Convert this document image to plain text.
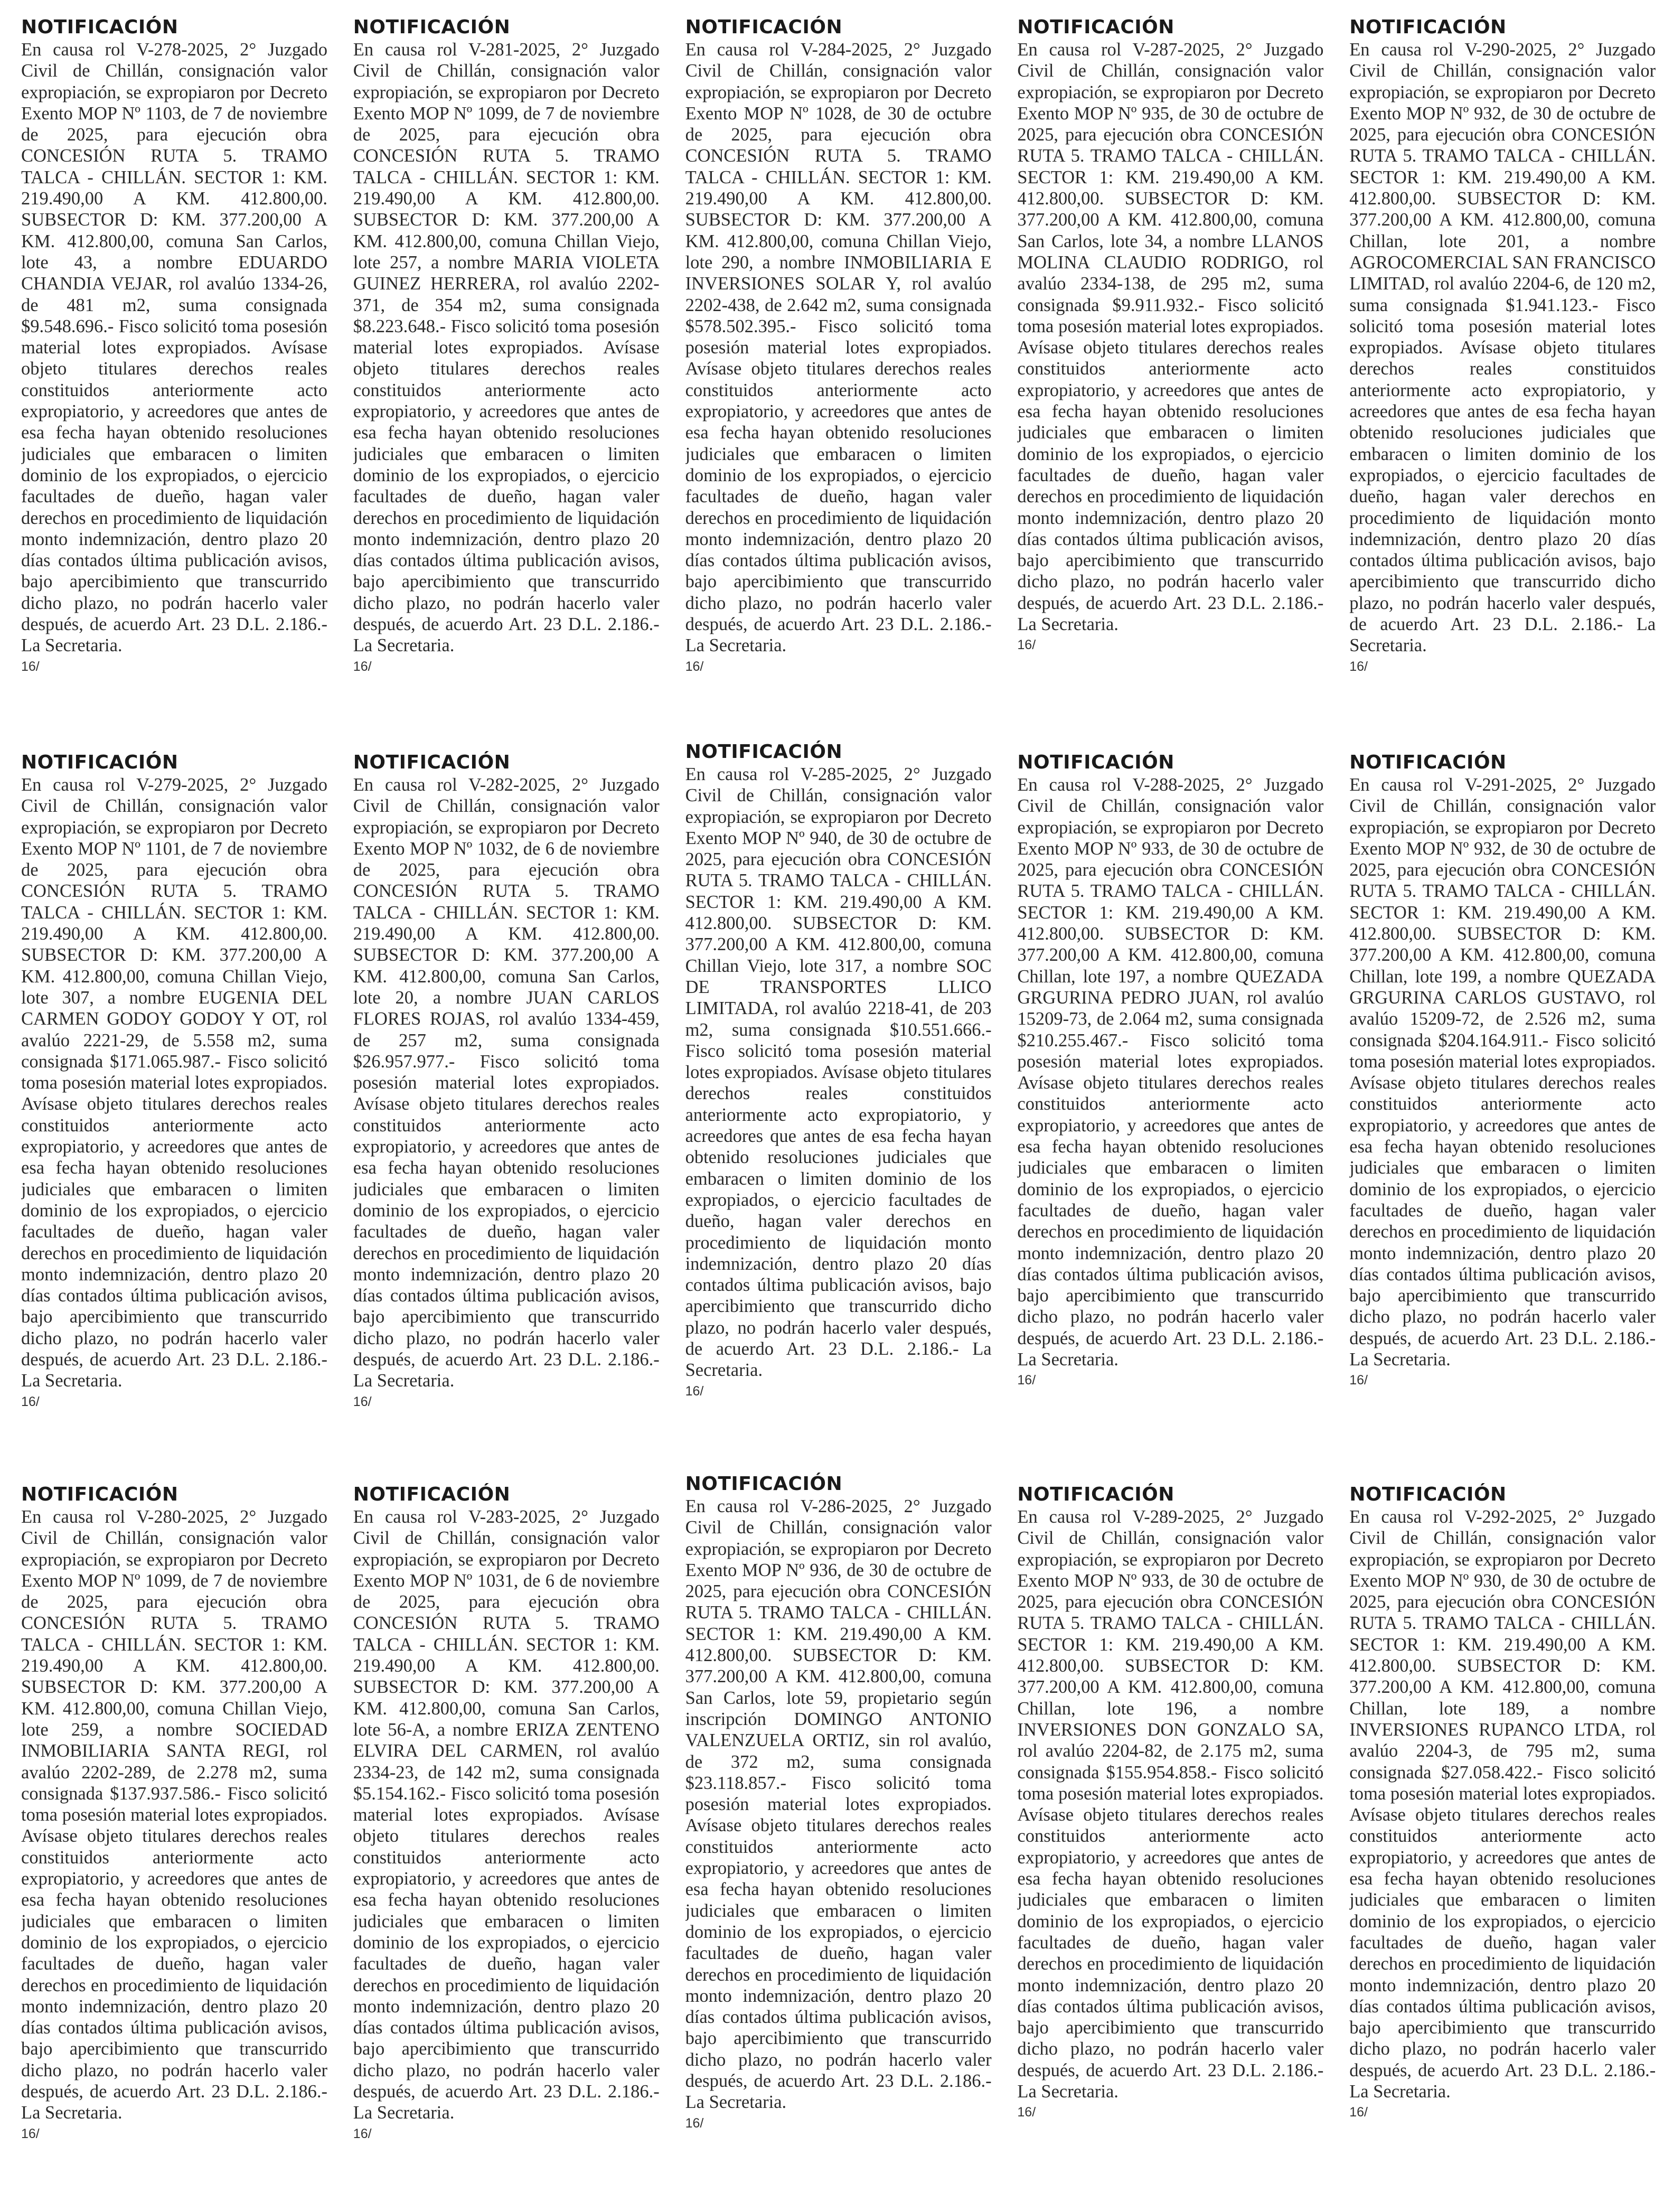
NOTIFICACIÓN

En causa rol V-278-2025, 2° Juzgado Civil de Chillán, consignación valor expropiación, se expropiaron por Decreto Exento MOP Nº 1103, de 7 de noviembre de 2025, para ejecución obra CONCESIÓN RUTA 5. TRAMO TALCA - CHILLÁN. SECTOR 1: KM. 219.490,00 A KM. 412.800,00. SUBSECTOR D: KM. 377.200,00 A KM. 412.800,00, comuna San Carlos, lote 43, a nombre EDUARDO CHANDIA VEJAR, rol avalúo 1334-26, de 481 m2, suma consignada $9.548.696.- Fisco solicitó toma posesión material lotes expropiados. Avísase objeto titulares derechos reales constituidos anteriormente acto expropiatorio, y acreedores que antes de esa fecha hayan obtenido resoluciones judiciales que embaracen o limiten dominio de los expropiados, o ejercicio facultades de dueño, hagan valer derechos en procedimiento de liquidación monto indemnización, dentro plazo 20 días contados última publicación avisos, bajo apercibimiento que transcurrido dicho plazo, no podrán hacerlo valer después, de acuerdo Art. 23 D.L. 2.186.- La Secretaria.

16/
NOTIFICACIÓN

En causa rol V-281-2025, 2° Juzgado Civil de Chillán, consignación valor expropiación, se expropiaron por Decreto Exento MOP Nº 1099, de 7 de noviembre de 2025, para ejecución obra CONCESIÓN RUTA 5. TRAMO TALCA - CHILLÁN. SECTOR 1: KM. 219.490,00 A KM. 412.800,00. SUBSECTOR D: KM. 377.200,00 A KM. 412.800,00, comuna Chillan Viejo, lote 257, a nombre MARIA VIOLETA GUINEZ HERRERA, rol avalúo 2202-371, de 354 m2, suma consignada $8.223.648.- Fisco solicitó toma posesión material lotes expropiados. Avísase objeto titulares derechos reales constituidos anteriormente acto expropiatorio, y acreedores que antes de esa fecha hayan obtenido resoluciones judiciales que embaracen o limiten dominio de los expropiados, o ejercicio facultades de dueño, hagan valer derechos en procedimiento de liquidación monto indemnización, dentro plazo 20 días contados última publicación avisos, bajo apercibimiento que transcurrido dicho plazo, no podrán hacerlo valer después, de acuerdo Art. 23 D.L. 2.186.- La Secretaria.

16/
NOTIFICACIÓN

En causa rol V-284-2025, 2° Juzgado Civil de Chillán, consignación valor expropiación, se expropiaron por Decreto Exento MOP Nº 1028, de 30 de octubre de 2025, para ejecución obra CONCESIÓN RUTA 5. TRAMO TALCA - CHILLÁN. SECTOR 1: KM. 219.490,00 A KM. 412.800,00. SUBSECTOR D: KM. 377.200,00 A KM. 412.800,00, comuna Chillan Viejo, lote 290, a nombre INMOBILIARIA E INVERSIONES SOLAR Y, rol avalúo 2202-438, de 2.642 m2, suma consignada $578.502.395.- Fisco solicitó toma posesión material lotes expropiados. Avísase objeto titulares derechos reales constituidos anteriormente acto expropiatorio, y acreedores que antes de esa fecha hayan obtenido resoluciones judiciales que embaracen o limiten dominio de los expropiados, o ejercicio facultades de dueño, hagan valer derechos en procedimiento de liquidación monto indemnización, dentro plazo 20 días contados última publicación avisos, bajo apercibimiento que transcurrido dicho plazo, no podrán hacerlo valer después, de acuerdo Art. 23 D.L. 2.186.- La Secretaria.

16/
NOTIFICACIÓN

En causa rol V-287-2025, 2° Juzgado Civil de Chillán, consignación valor expropiación, se expropiaron por Decreto Exento MOP Nº 935, de 30 de octubre de 2025, para ejecución obra CONCESIÓN RUTA 5. TRAMO TALCA - CHILLÁN. SECTOR 1: KM. 219.490,00 A KM. 412.800,00. SUBSECTOR D: KM. 377.200,00 A KM. 412.800,00, comuna San Carlos, lote 34, a nombre LLANOS MOLINA CLAUDIO RODRIGO, rol avalúo 2334-138, de 295 m2, suma consignada $9.911.932.- Fisco solicitó toma posesión material lotes expropiados. Avísase objeto titulares derechos reales constituidos anteriormente acto expropiatorio, y acreedores que antes de esa fecha hayan obtenido resoluciones judiciales que embaracen o limiten dominio de los expropiados, o ejercicio facultades de dueño, hagan valer derechos en procedimiento de liquidación monto indemnización, dentro plazo 20 días contados última publicación avisos, bajo apercibimiento que transcurrido dicho plazo, no podrán hacerlo valer después, de acuerdo Art. 23 D.L. 2.186.- La Secretaria.

16/
NOTIFICACIÓN

En causa rol V-290-2025, 2° Juzgado Civil de Chillán, consignación valor expropiación, se expropiaron por Decreto Exento MOP Nº 932, de 30 de octubre de 2025, para ejecución obra CONCESIÓN RUTA 5. TRAMO TALCA - CHILLÁN. SECTOR 1: KM. 219.490,00 A KM. 412.800,00. SUBSECTOR D: KM. 377.200,00 A KM. 412.800,00, comuna Chillan, lote 201, a nombre AGROCOMERCIAL SAN FRANCISCO LIMITAD, rol avalúo 2204-6, de 120 m2, suma consignada $1.941.123.- Fisco solicitó toma posesión material lotes expropiados. Avísase objeto titulares derechos reales constituidos anteriormente acto expropiatorio, y acreedores que antes de esa fecha hayan obtenido resoluciones judiciales que embaracen o limiten dominio de los expropiados, o ejercicio facultades de dueño, hagan valer derechos en procedimiento de liquidación monto indemnización, dentro plazo 20 días contados última publicación avisos, bajo apercibimiento que transcurrido dicho plazo, no podrán hacerlo valer después, de acuerdo Art. 23 D.L. 2.186.- La Secretaria.

16/
NOTIFICACIÓN

En causa rol V-279-2025, 2° Juzgado Civil de Chillán, consignación valor expropiación, se expropiaron por Decreto Exento MOP Nº 1101, de 7 de noviembre de 2025, para ejecución obra CONCESIÓN RUTA 5. TRAMO TALCA - CHILLÁN. SECTOR 1: KM. 219.490,00 A KM. 412.800,00. SUBSECTOR D: KM. 377.200,00 A KM. 412.800,00, comuna Chillan Viejo, lote 307, a nombre EUGENIA DEL CARMEN GODOY GODOY Y OT, rol avalúo 2221-29, de 5.558 m2, suma consignada $171.065.987.- Fisco solicitó toma posesión material lotes expropiados. Avísase objeto titulares derechos reales constituidos anteriormente acto expropiatorio, y acreedores que antes de esa fecha hayan obtenido resoluciones judiciales que embaracen o limiten dominio de los expropiados, o ejercicio facultades de dueño, hagan valer derechos en procedimiento de liquidación monto indemnización, dentro plazo 20 días contados última publicación avisos, bajo apercibimiento que transcurrido dicho plazo, no podrán hacerlo valer después, de acuerdo Art. 23 D.L. 2.186.- La Secretaria.

16/
NOTIFICACIÓN

En causa rol V-282-2025, 2° Juzgado Civil de Chillán, consignación valor expropiación, se expropiaron por Decreto Exento MOP Nº 1032, de 6 de noviembre de 2025, para ejecución obra CONCESIÓN RUTA 5. TRAMO TALCA - CHILLÁN. SECTOR 1: KM. 219.490,00 A KM. 412.800,00. SUBSECTOR D: KM. 377.200,00 A KM. 412.800,00, comuna San Carlos, lote 20, a nombre JUAN CARLOS FLORES ROJAS, rol avalúo 1334-459, de 257 m2, suma consignada $26.957.977.- Fisco solicitó toma posesión material lotes expropiados. Avísase objeto titulares derechos reales constituidos anteriormente acto expropiatorio, y acreedores que antes de esa fecha hayan obtenido resoluciones judiciales que embaracen o limiten dominio de los expropiados, o ejercicio facultades de dueño, hagan valer derechos en procedimiento de liquidación monto indemnización, dentro plazo 20 días contados última publicación avisos, bajo apercibimiento que transcurrido dicho plazo, no podrán hacerlo valer después, de acuerdo Art. 23 D.L. 2.186.- La Secretaria.

16/
NOTIFICACIÓN

En causa rol V-285-2025, 2° Juzgado Civil de Chillán, consignación valor expropiación, se expropiaron por Decreto Exento MOP Nº 940, de 30 de octubre de 2025, para ejecución obra CONCESIÓN RUTA 5. TRAMO TALCA - CHILLÁN. SECTOR 1: KM. 219.490,00 A KM. 412.800,00. SUBSECTOR D: KM. 377.200,00 A KM. 412.800,00, comuna Chillan Viejo, lote 317, a nombre SOC DE TRANSPORTES LLICO LIMITADA, rol avalúo 2218-41, de 203 m2, suma consignada $10.551.666.- Fisco solicitó toma posesión material lotes expropiados. Avísase objeto titulares derechos reales constituidos anteriormente acto expropiatorio, y acreedores que antes de esa fecha hayan obtenido resoluciones judiciales que embaracen o limiten dominio de los expropiados, o ejercicio facultades de dueño, hagan valer derechos en procedimiento de liquidación monto indemnización, dentro plazo 20 días contados última publicación avisos, bajo apercibimiento que transcurrido dicho plazo, no podrán hacerlo valer después, de acuerdo Art. 23 D.L. 2.186.- La Secretaria.

16/
NOTIFICACIÓN

En causa rol V-288-2025, 2° Juzgado Civil de Chillán, consignación valor expropiación, se expropiaron por Decreto Exento MOP Nº 933, de 30 de octubre de 2025, para ejecución obra CONCESIÓN RUTA 5. TRAMO TALCA - CHILLÁN. SECTOR 1: KM. 219.490,00 A KM. 412.800,00. SUBSECTOR D: KM. 377.200,00 A KM. 412.800,00, comuna Chillan, lote 197, a nombre QUEZADA GRGURINA PEDRO JUAN, rol avalúo 15209-73, de 2.064 m2, suma consignada $210.255.467.- Fisco solicitó toma posesión material lotes expropiados. Avísase objeto titulares derechos reales constituidos anteriormente acto expropiatorio, y acreedores que antes de esa fecha hayan obtenido resoluciones judiciales que embaracen o limiten dominio de los expropiados, o ejercicio facultades de dueño, hagan valer derechos en procedimiento de liquidación monto indemnización, dentro plazo 20 días contados última publicación avisos, bajo apercibimiento que transcurrido dicho plazo, no podrán hacerlo valer después, de acuerdo Art. 23 D.L. 2.186.- La Secretaria.

16/
NOTIFICACIÓN

En causa rol V-291-2025, 2° Juzgado Civil de Chillán, consignación valor expropiación, se expropiaron por Decreto Exento MOP Nº 932, de 30 de octubre de 2025, para ejecución obra CONCESIÓN RUTA 5. TRAMO TALCA - CHILLÁN. SECTOR 1: KM. 219.490,00 A KM. 412.800,00. SUBSECTOR D: KM. 377.200,00 A KM. 412.800,00, comuna Chillan, lote 199, a nombre QUEZADA GRGURINA CARLOS GUSTAVO, rol avalúo 15209-72, de 2.526 m2, suma consignada $204.164.911.- Fisco solicitó toma posesión material lotes expropiados. Avísase objeto titulares derechos reales constituidos anteriormente acto expropiatorio, y acreedores que antes de esa fecha hayan obtenido resoluciones judiciales que embaracen o limiten dominio de los expropiados, o ejercicio facultades de dueño, hagan valer derechos en procedimiento de liquidación monto indemnización, dentro plazo 20 días contados última publicación avisos, bajo apercibimiento que transcurrido dicho plazo, no podrán hacerlo valer después, de acuerdo Art. 23 D.L. 2.186.- La Secretaria.

16/
NOTIFICACIÓN

En causa rol V-280-2025, 2° Juzgado Civil de Chillán, consignación valor expropiación, se expropiaron por Decreto Exento MOP Nº 1099, de 7 de noviembre de 2025, para ejecución obra CONCESIÓN RUTA 5. TRAMO TALCA - CHILLÁN. SECTOR 1: KM. 219.490,00 A KM. 412.800,00. SUBSECTOR D: KM. 377.200,00 A KM. 412.800,00, comuna Chillan Viejo, lote 259, a nombre SOCIEDAD INMOBILIARIA SANTA REGI, rol avalúo 2202-289, de 2.278 m2, suma consignada $137.937.586.- Fisco solicitó toma posesión material lotes expropiados. Avísase objeto titulares derechos reales constituidos anteriormente acto expropiatorio, y acreedores que antes de esa fecha hayan obtenido resoluciones judiciales que embaracen o limiten dominio de los expropiados, o ejercicio facultades de dueño, hagan valer derechos en procedimiento de liquidación monto indemnización, dentro plazo 20 días contados última publicación avisos, bajo apercibimiento que transcurrido dicho plazo, no podrán hacerlo valer después, de acuerdo Art. 23 D.L. 2.186.- La Secretaria.

16/
NOTIFICACIÓN

En causa rol V-283-2025, 2° Juzgado Civil de Chillán, consignación valor expropiación, se expropiaron por Decreto Exento MOP Nº 1031, de 6 de noviembre de 2025, para ejecución obra CONCESIÓN RUTA 5. TRAMO TALCA - CHILLÁN. SECTOR 1: KM. 219.490,00 A KM. 412.800,00. SUBSECTOR D: KM. 377.200,00 A KM. 412.800,00, comuna San Carlos, lote 56-A, a nombre ERIZA ZENTENO ELVIRA DEL CARMEN, rol avalúo 2334-23, de 142 m2, suma consignada $5.154.162.- Fisco solicitó toma posesión material lotes expropiados. Avísase objeto titulares derechos reales constituidos anteriormente acto expropiatorio, y acreedores que antes de esa fecha hayan obtenido resoluciones judiciales que embaracen o limiten dominio de los expropiados, o ejercicio facultades de dueño, hagan valer derechos en procedimiento de liquidación monto indemnización, dentro plazo 20 días contados última publicación avisos, bajo apercibimiento que transcurrido dicho plazo, no podrán hacerlo valer después, de acuerdo Art. 23 D.L. 2.186.- La Secretaria.

16/
NOTIFICACIÓN

En causa rol V-286-2025, 2° Juzgado Civil de Chillán, consignación valor expropiación, se expropiaron por Decreto Exento MOP Nº 936, de 30 de octubre de 2025, para ejecución obra CONCESIÓN RUTA 5. TRAMO TALCA - CHILLÁN. SECTOR 1: KM. 219.490,00 A KM. 412.800,00. SUBSECTOR D: KM. 377.200,00 A KM. 412.800,00, comuna San Carlos, lote 59, propietario según inscripción DOMINGO ANTONIO VALENZUELA ORTIZ, sin rol avalúo, de 372 m2, suma consignada $23.118.857.- Fisco solicitó toma posesión material lotes expropiados. Avísase objeto titulares derechos reales constituidos anteriormente acto expropiatorio, y acreedores que antes de esa fecha hayan obtenido resoluciones judiciales que embaracen o limiten dominio de los expropiados, o ejercicio facultades de dueño, hagan valer derechos en procedimiento de liquidación monto indemnización, dentro plazo 20 días contados última publicación avisos, bajo apercibimiento que transcurrido dicho plazo, no podrán hacerlo valer después, de acuerdo Art. 23 D.L. 2.186.- La Secretaria.

16/
NOTIFICACIÓN

En causa rol V-289-2025, 2° Juzgado Civil de Chillán, consignación valor expropiación, se expropiaron por Decreto Exento MOP Nº 933, de 30 de octubre de 2025, para ejecución obra CONCESIÓN RUTA 5. TRAMO TALCA - CHILLÁN. SECTOR 1: KM. 219.490,00 A KM. 412.800,00. SUBSECTOR D: KM. 377.200,00 A KM. 412.800,00, comuna Chillan, lote 196, a nombre INVERSIONES DON GONZALO SA, rol avalúo 2204-82, de 2.175 m2, suma consignada $155.954.858.- Fisco solicitó toma posesión material lotes expropiados. Avísase objeto titulares derechos reales constituidos anteriormente acto expropiatorio, y acreedores que antes de esa fecha hayan obtenido resoluciones judiciales que embaracen o limiten dominio de los expropiados, o ejercicio facultades de dueño, hagan valer derechos en procedimiento de liquidación monto indemnización, dentro plazo 20 días contados última publicación avisos, bajo apercibimiento que transcurrido dicho plazo, no podrán hacerlo valer después, de acuerdo Art. 23 D.L. 2.186.- La Secretaria.

16/
NOTIFICACIÓN

En causa rol V-292-2025, 2° Juzgado Civil de Chillán, consignación valor expropiación, se expropiaron por Decreto Exento MOP Nº 930, de 30 de octubre de 2025, para ejecución obra CONCESIÓN RUTA 5. TRAMO TALCA - CHILLÁN. SECTOR 1: KM. 219.490,00 A KM. 412.800,00. SUBSECTOR D: KM. 377.200,00 A KM. 412.800,00, comuna Chillan, lote 189, a nombre INVERSIONES RUPANCO LTDA, rol avalúo 2204-3, de 795 m2, suma consignada $27.058.422.- Fisco solicitó toma posesión material lotes expropiados. Avísase objeto titulares derechos reales constituidos anteriormente acto expropiatorio, y acreedores que antes de esa fecha hayan obtenido resoluciones judiciales que embaracen o limiten dominio de los expropiados, o ejercicio facultades de dueño, hagan valer derechos en procedimiento de liquidación monto indemnización, dentro plazo 20 días contados última publicación avisos, bajo apercibimiento que transcurrido dicho plazo, no podrán hacerlo valer después, de acuerdo Art. 23 D.L. 2.186.- La Secretaria.

16/
